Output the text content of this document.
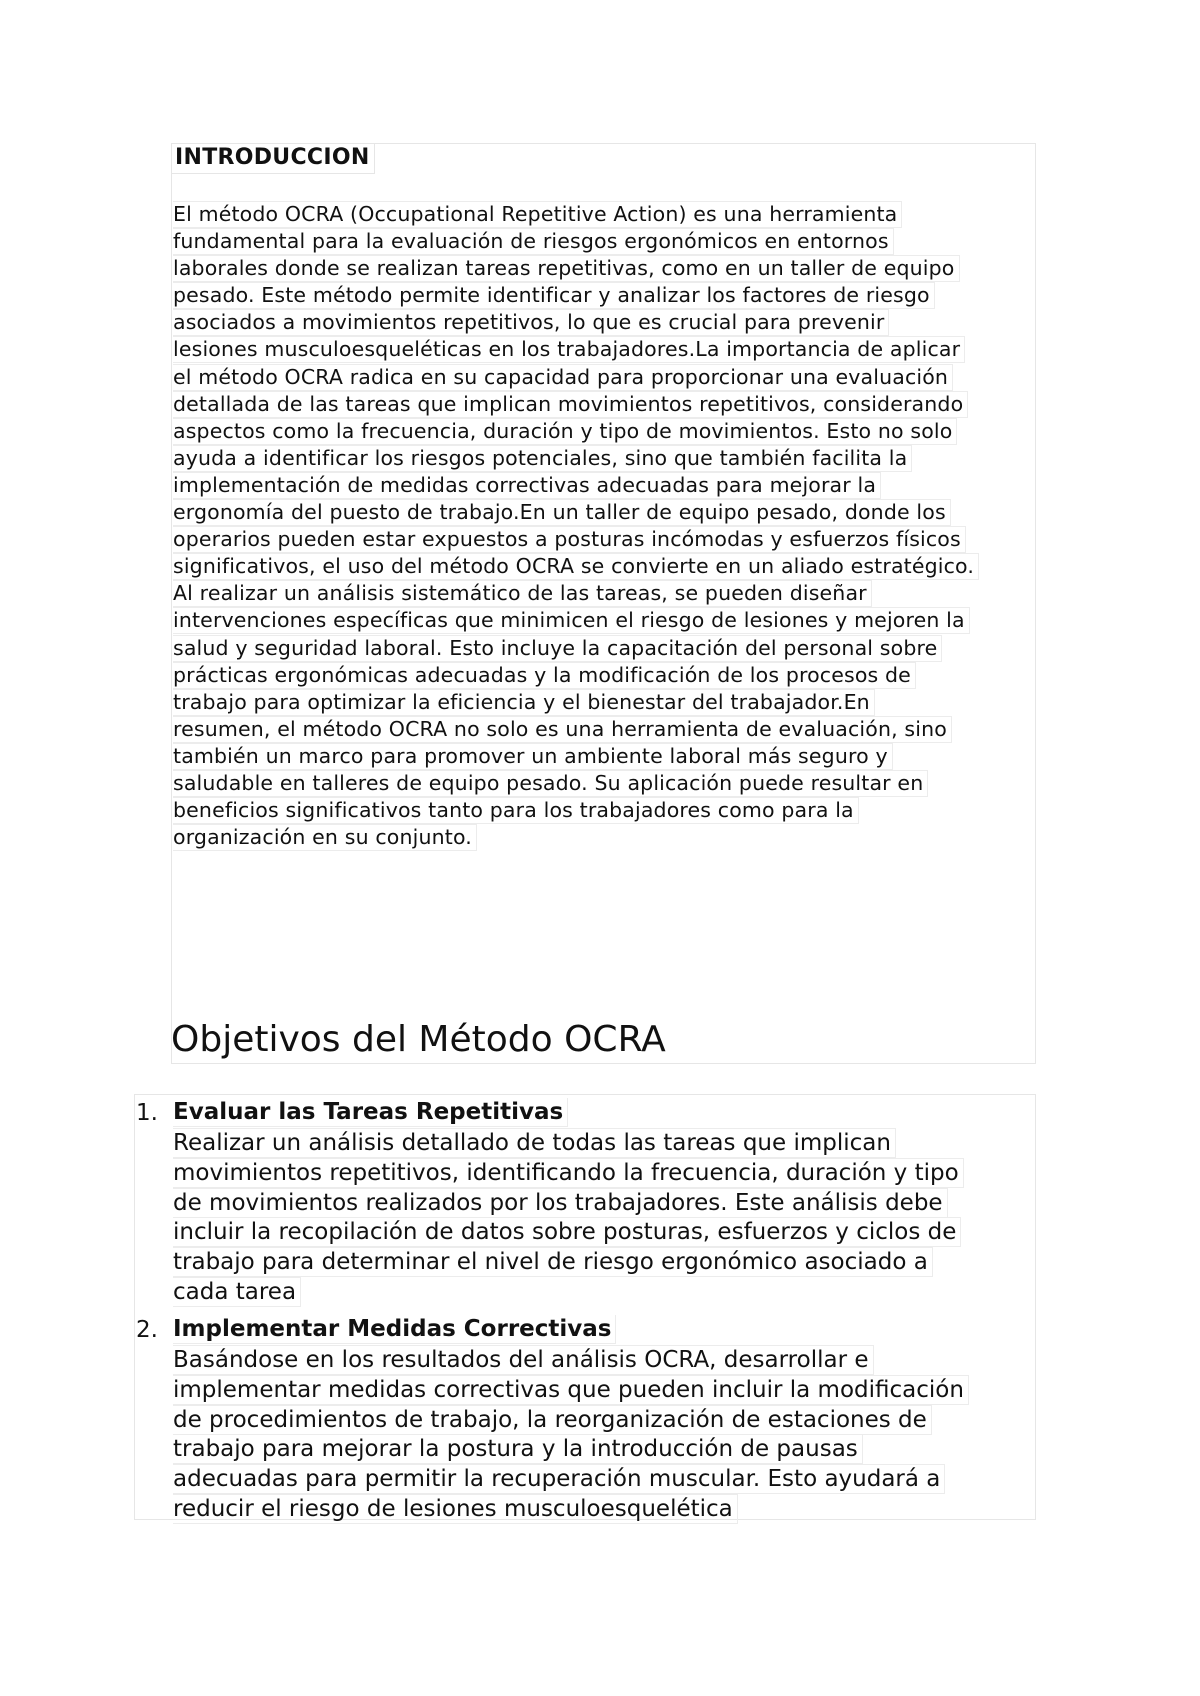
INTRODUCCION
El método OCRA (Occupational Repetitive Action) es una herramienta
fundamental para la evaluación de riesgos ergonómicos en entornos
laborales donde se realizan tareas repetitivas, como en un taller de equipo
pesado. Este método permite identificar y analizar los factores de riesgo
asociados a movimientos repetitivos, lo que es crucial para prevenir
lesiones musculoesqueléticas en los trabajadores.La importancia de aplicar
el método OCRA radica en su capacidad para proporcionar una evaluación
detallada de las tareas que implican movimientos repetitivos, considerando
aspectos como la frecuencia, duración y tipo de movimientos. Esto no solo
ayuda a identificar los riesgos potenciales, sino que también facilita la
implementación de medidas correctivas adecuadas para mejorar la
ergonomía del puesto de trabajo.En un taller de equipo pesado, donde los
operarios pueden estar expuestos a posturas incómodas y esfuerzos físicos
significativos, el uso del método OCRA se convierte en un aliado estratégico.
Al realizar un análisis sistemático de las tareas, se pueden diseñar
intervenciones específicas que minimicen el riesgo de lesiones y mejoren la
salud y seguridad laboral. Esto incluye la capacitación del personal sobre
prácticas ergonómicas adecuadas y la modificación de los procesos de
trabajo para optimizar la eficiencia y el bienestar del trabajador.En
resumen, el método OCRA no solo es una herramienta de evaluación, sino
también un marco para promover un ambiente laboral más seguro y
saludable en talleres de equipo pesado. Su aplicación puede resultar en
beneficios significativos tanto para los trabajadores como para la
organización en su conjunto.
Objetivos del Método OCRA
1. Evaluar las Tareas Repetitivas
Realizar un análisis detallado de todas las tareas que implican
movimientos repetitivos, identificando la frecuencia, duración y tipo
de movimientos realizados por los trabajadores. Este análisis debe
incluir la recopilación de datos sobre posturas, esfuerzos y ciclos de
trabajo para determinar el nivel de riesgo ergonómico asociado a
cada tarea
2. Implementar Medidas Correctivas
Basándose en los resultados del análisis OCRA, desarrollar e
implementar medidas correctivas que pueden incluir la modificación
de procedimientos de trabajo, la reorganización de estaciones de
trabajo para mejorar la postura y la introducción de pausas
adecuadas para permitir la recuperación muscular. Esto ayudará a
reducir el riesgo de lesiones musculoesquelética
